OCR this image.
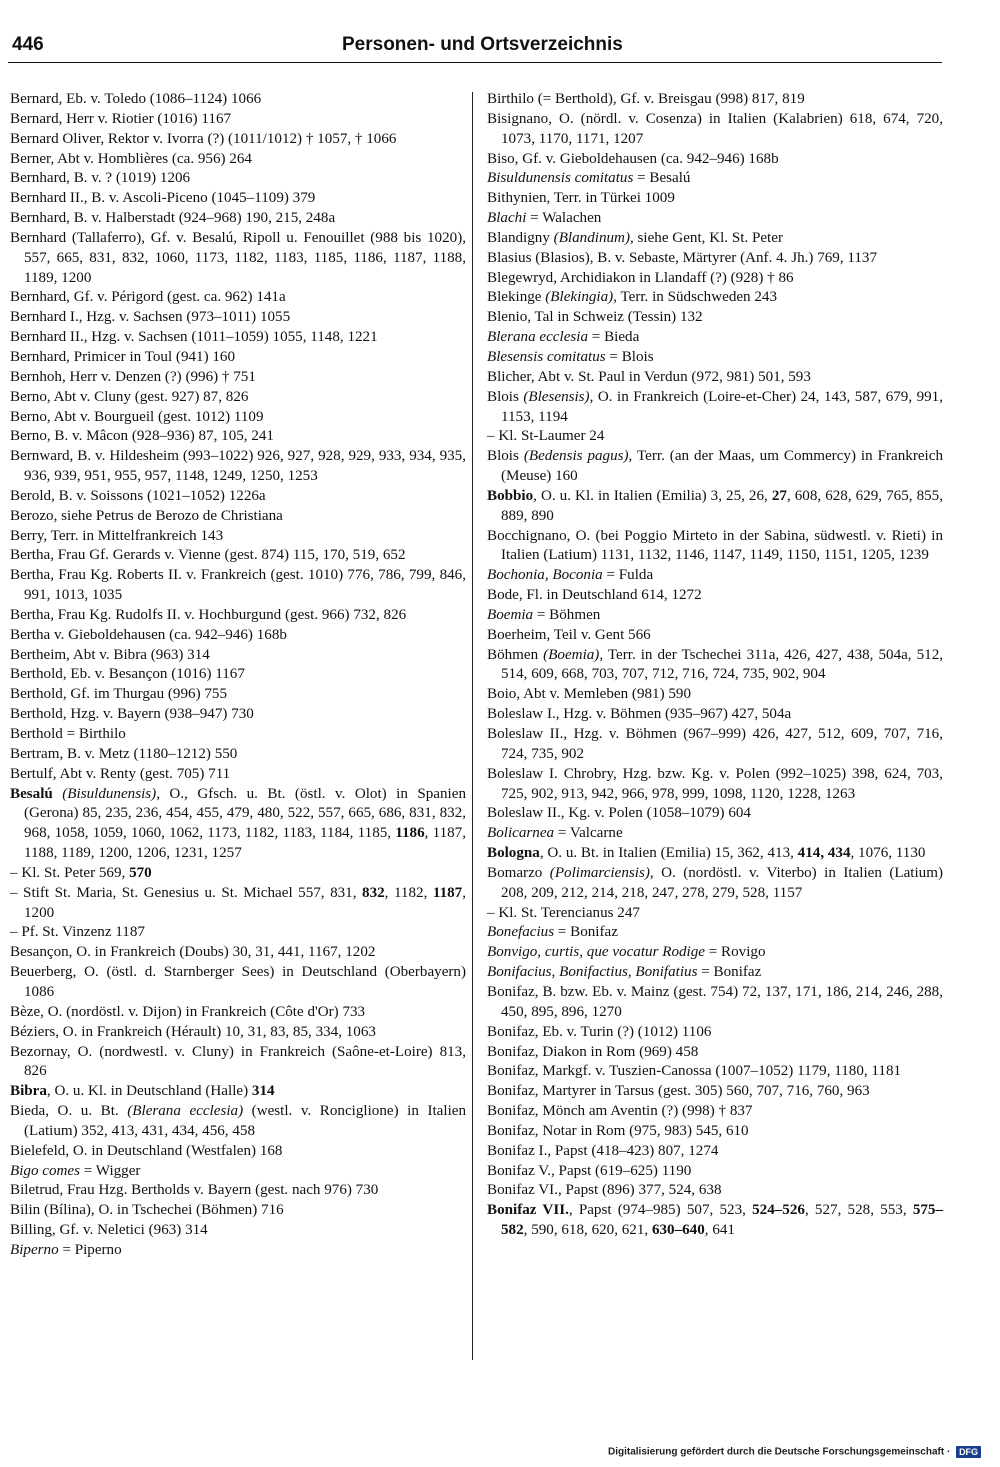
446	Personen- und Ortsverzeichnis
Bernard, Eb. v. Toledo (1086–1124) 1066
Bernard, Herr v. Riotier (1016) 1167
Bernard Oliver, Rektor v. Ivorra (?) (1011/1012) † 1057, † 1066
Berner, Abt v. Homblières (ca. 956) 264
Bernhard, B. v. ? (1019) 1206
Bernhard II., B. v. Ascoli-Piceno (1045–1109) 379
Bernhard, B. v. Halberstadt (924–968) 190, 215, 248a
Bernhard (Tallaferro), Gf. v. Besalú, Ripoll u. Fenouillet (988 bis 1020), 557, 665, 831, 832, 1060, 1173, 1182, 1183, 1185, 1186, 1187, 1188, 1189, 1200
Bernhard, Gf. v. Périgord (gest. ca. 962) 141a
Bernhard I., Hzg. v. Sachsen (973–1011) 1055
Bernhard II., Hzg. v. Sachsen (1011–1059) 1055, 1148, 1221
Bernhard, Primicer in Toul (941) 160
Bernhoh, Herr v. Denzen (?) (996) † 751
Berno, Abt v. Cluny (gest. 927) 87, 826
Berno, Abt v. Bourgueil (gest. 1012) 1109
Berno, B. v. Mâcon (928–936) 87, 105, 241
Bernward, B. v. Hildesheim (993–1022) 926, 927, 928, 929, 933, 934, 935, 936, 939, 951, 955, 957, 1148, 1249, 1250, 1253
Berold, B. v. Soissons (1021–1052) 1226a
Berozo, siehe Petrus de Berozo de Christiana
Berry, Terr. in Mittelfrankreich 143
Bertha, Frau Gf. Gerards v. Vienne (gest. 874) 115, 170, 519, 652
Bertha, Frau Kg. Roberts II. v. Frankreich (gest. 1010) 776, 786, 799, 846, 991, 1013, 1035
Bertha, Frau Kg. Rudolfs II. v. Hochburgund (gest. 966) 732, 826
Bertha v. Gieboldehausen (ca. 942–946) 168b
Bertheim, Abt v. Bibra (963) 314
Berthold, Eb. v. Besançon (1016) 1167
Berthold, Gf. im Thurgau (996) 755
Berthold, Hzg. v. Bayern (938–947) 730
Berthold = Birthilo
Bertram, B. v. Metz (1180–1212) 550
Bertulf, Abt v. Renty (gest. 705) 711
Besalú (Bisuldunensis), O., Gfsch. u. Bt. (östl. v. Olot) in Spanien (Gerona) 85, 235, 236, 454, 455, 479, 480, 522, 557, 665, 686, 831, 832, 968, 1058, 1059, 1060, 1062, 1173, 1182, 1183, 1184, 1185, 1186, 1187, 1188, 1189, 1200, 1206, 1231, 1257
– Kl. St. Peter 569, 570
– Stift St. Maria, St. Genesius u. St. Michael 557, 831, 832, 1182, 1187, 1200
– Pf. St. Vinzenz 1187
Besançon, O. in Frankreich (Doubs) 30, 31, 441, 1167, 1202
Beuerberg, O. (östl. d. Starnberger Sees) in Deutschland (Oberbayern) 1086
Bèze, O. (nordöstl. v. Dijon) in Frankreich (Côte d'Or) 733
Béziers, O. in Frankreich (Hérault) 10, 31, 83, 85, 334, 1063
Bezornay, O. (nordwestl. v. Cluny) in Frankreich (Saône-et-Loire) 813, 826
Bibra, O. u. Kl. in Deutschland (Halle) 314
Bieda, O. u. Bt. (Blerana ecclesia) (westl. v. Ronciglione) in Italien (Latium) 352, 413, 431, 434, 456, 458
Bielefeld, O. in Deutschland (Westfalen) 168
Bigo comes = Wigger
Biletrud, Frau Hzg. Bertholds v. Bayern (gest. nach 976) 730
Bilin (Bílina), O. in Tschechei (Böhmen) 716
Billing, Gf. v. Neletici (963) 314
Biperno = Piperno
Birthilo (= Berthold), Gf. v. Breisgau (998) 817, 819
Bisignano, O. (nördl. v. Cosenza) in Italien (Kalabrien) 618, 674, 720, 1073, 1170, 1171, 1207
Biso, Gf. v. Gieboldehausen (ca. 942–946) 168b
Bisuldunensis comitatus = Besalú
Bithynien, Terr. in Türkei 1009
Blachi = Walachen
Blandigny (Blandinum), siehe Gent, Kl. St. Peter
Blasius (Blasios), B. v. Sebaste, Märtyrer (Anf. 4. Jh.) 769, 1137
Blegewryd, Archidiakon in Llandaff (?) (928) † 86
Blekinge (Blekingia), Terr. in Südschweden 243
Blenio, Tal in Schweiz (Tessin) 132
Blerana ecclesia = Bieda
Blesensis comitatus = Blois
Blicher, Abt v. St. Paul in Verdun (972, 981) 501, 593
Blois (Blesensis), O. in Frankreich (Loire-et-Cher) 24, 143, 587, 679, 991, 1153, 1194
– Kl. St-Laumer 24
Blois (Bedensis pagus), Terr. (an der Maas, um Commercy) in Frankreich (Meuse) 160
Bobbio, O. u. Kl. in Italien (Emilia) 3, 25, 26, 27, 608, 628, 629, 765, 855, 889, 890
Bocchignano, O. (bei Poggio Mirteto in der Sabina, südwestl. v. Rieti) in Italien (Latium) 1131, 1132, 1146, 1147, 1149, 1150, 1151, 1205, 1239
Bochonia, Boconia = Fulda
Bode, Fl. in Deutschland 614, 1272
Boemia = Böhmen
Boerheim, Teil v. Gent 566
Böhmen (Boemia), Terr. in der Tschechei 311a, 426, 427, 438, 504a, 512, 514, 609, 668, 703, 707, 712, 716, 724, 735, 902, 904
Boio, Abt v. Memleben (981) 590
Boleslaw I., Hzg. v. Böhmen (935–967) 427, 504a
Boleslaw II., Hzg. v. Böhmen (967–999) 426, 427, 512, 609, 707, 716, 724, 735, 902
Boleslaw I. Chrobry, Hzg. bzw. Kg. v. Polen (992–1025) 398, 624, 703, 725, 902, 913, 942, 966, 978, 999, 1098, 1120, 1228, 1263
Boleslaw II., Kg. v. Polen (1058–1079) 604
Bolicarnea = Valcarne
Bologna, O. u. Bt. in Italien (Emilia) 15, 362, 413, 414, 434, 1076, 1130
Bomarzo (Polimarciensis), O. (nordöstl. v. Viterbo) in Italien (Latium) 208, 209, 212, 214, 218, 247, 278, 279, 528, 1157
– Kl. St. Terencianus 247
Bonefacius = Bonifaz
Bonvigo, curtis, que vocatur Rodige = Rovigo
Bonifacius, Bonifactius, Bonifatius = Bonifaz
Bonifaz, B. bzw. Eb. v. Mainz (gest. 754) 72, 137, 171, 186, 214, 246, 288, 450, 895, 896, 1270
Bonifaz, Eb. v. Turin (?) (1012) 1106
Bonifaz, Diakon in Rom (969) 458
Bonifaz, Markgf. v. Tuszien-Canossa (1007–1052) 1179, 1180, 1181
Bonifaz, Martyrer in Tarsus (gest. 305) 560, 707, 716, 760, 963
Bonifaz, Mönch am Aventin (?) (998) † 837
Bonifaz, Notar in Rom (975, 983) 545, 610
Bonifaz I., Papst (418–423) 807, 1274
Bonifaz V., Papst (619–625) 1190
Bonifaz VI., Papst (896) 377, 524, 638
Bonifaz VII., Papst (974–985) 507, 523, 524–526, 527, 528, 553, 575–582, 590, 618, 620, 621, 630–640, 641
Digitalisierung gefördert durch die Deutsche Forschungsgemeinschaft · DFG
